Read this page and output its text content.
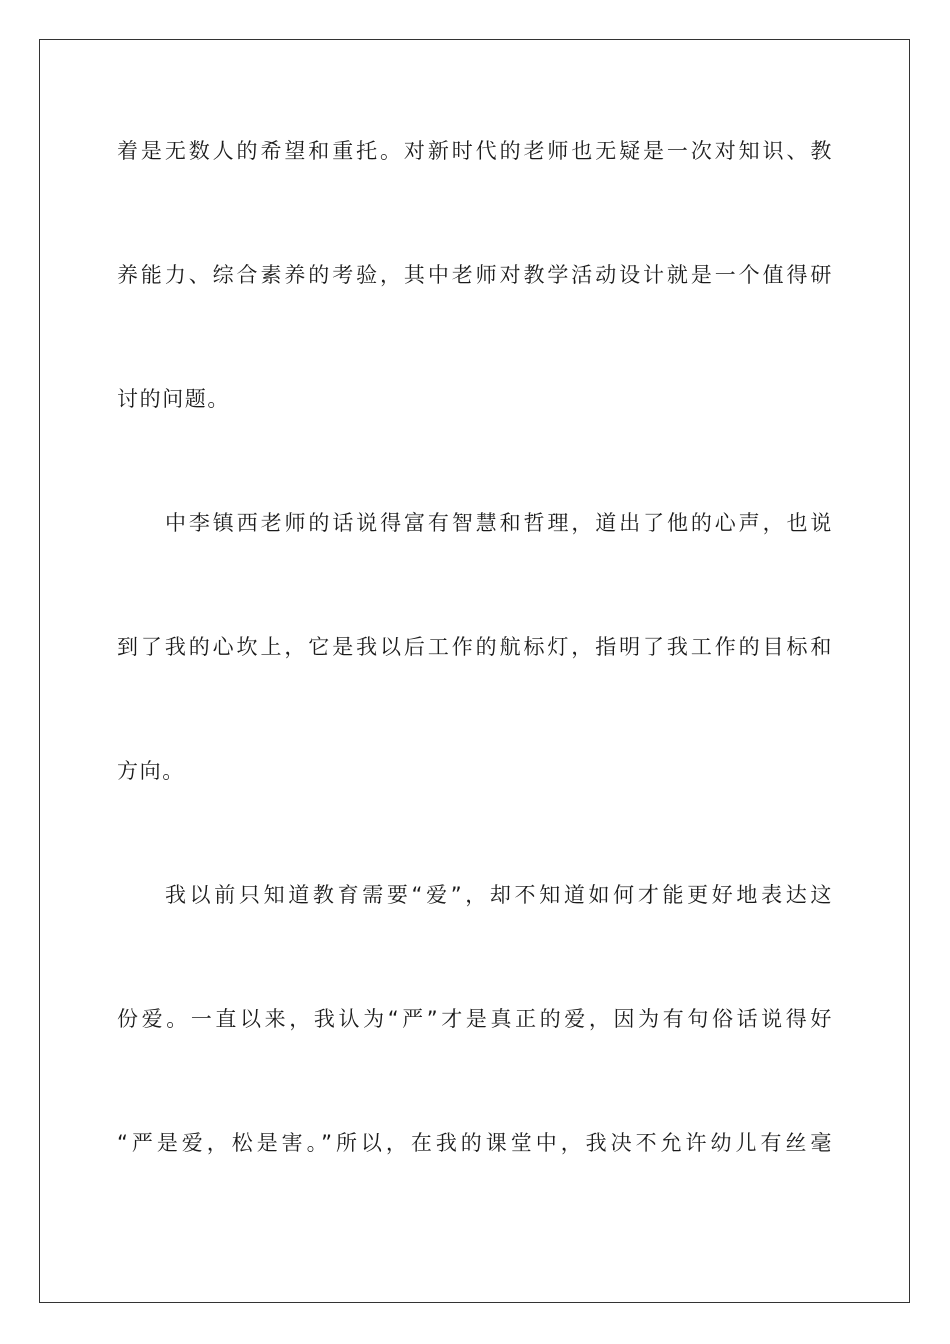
着是无数人的希望和重托。对新时代的老师也无疑是一次对知识、教
养能力、综合素养的考验，其中老师对教学活动设计就是一个值得研
讨的问题。
中李镇西老师的话说得富有智慧和哲理，道出了他的心声，也说
到了我的心坎上，它是我以后工作的航标灯，指明了我工作的目标和
方向。
我以前只知道教育需要“爱”，却不知道如何才能更好地表达这
份爱。一直以来，我认为“严”才是真正的爱，因为有句俗话说得好
“严是爱，松是害。”所以，在我的课堂中，我决不允许幼儿有丝毫
